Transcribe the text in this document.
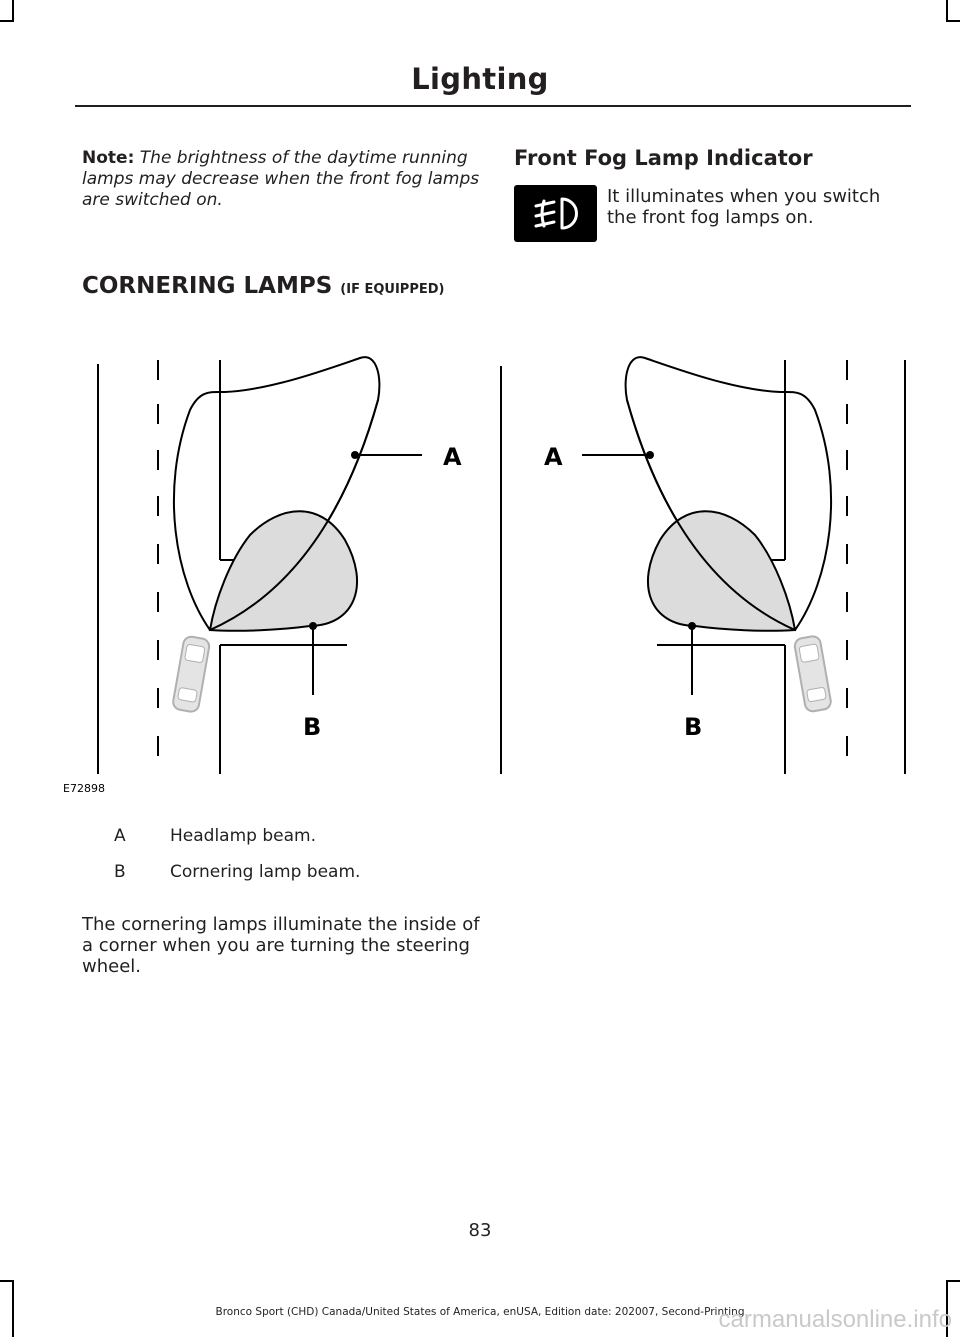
Lighting
Note: The brightness of the daytime running lamps may decrease when the front fog lamps are switched on.
CORNERING LAMPS (IF EQUIPPED)
Front Fog Lamp Indicator
It illuminates when you switch the front fog lamps on.
A
B
A
B
E72898
A	Headlamp beam.
B	Cornering lamp beam.
The cornering lamps illuminate the inside of a corner when you are turning the steering wheel.
83
Bronco Sport (CHD) Canada/United States of America, enUSA, Edition date: 202007, Second-Printing
carmanualsonline.info
